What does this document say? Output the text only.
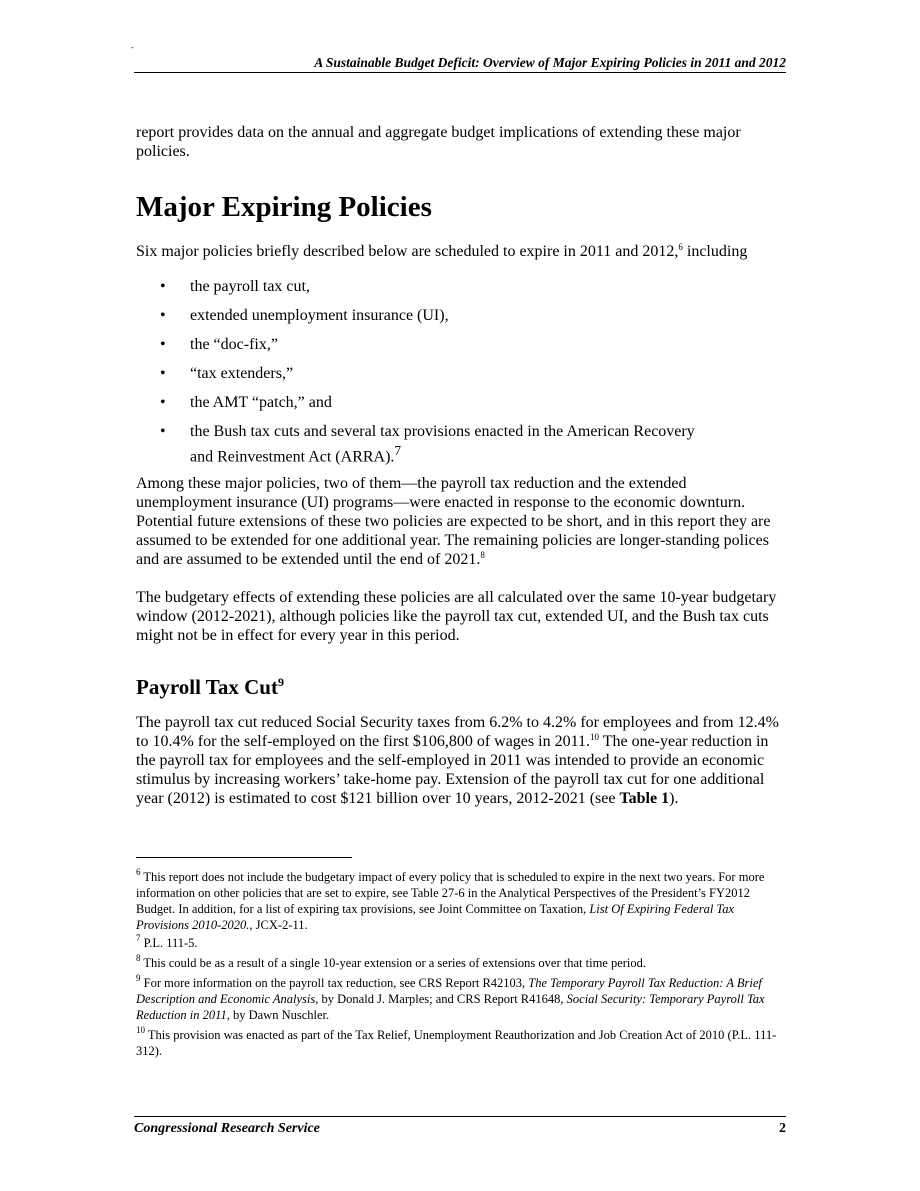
-
A Sustainable Budget Deficit: Overview of Major Expiring Policies in 2011 and 2012

report provides data on the annual and aggregate budget implications of extending these major policies.

Major Expiring Policies

Six major policies briefly described below are scheduled to expire in 2011 and 2012,$^6$ including

• the payroll tax cut,
• extended unemployment insurance (UI),
• the “doc-fix,”
• “tax extenders,”
• the AMT “patch,” and
• the Bush tax cuts and several tax provisions enacted in the American Recovery
and Reinvestment Act (ARRA).$^7$

Among these major policies, two of them—the payroll tax reduction and the extended unemployment insurance (UI) programs—were enacted in response to the economic downturn. Potential future extensions of these two policies are expected to be short, and in this report they are assumed to be extended for one additional year. The remaining policies are longer-standing polices and are assumed to be extended until the end of 2021.$^8$

The budgetary effects of extending these policies are all calculated over the same 10-year budgetary window (2012-2021), although policies like the payroll tax cut, extended UI, and the Bush tax cuts might not be in effect for every year in this period.

Payroll Tax Cut$^9$

The payroll tax cut reduced Social Security taxes from 6.2% to 4.2% for employees and from 12.4% to 10.4% for the self-employed on the first $106,800 of wages in 2011.10 The one-year reduction in the payroll tax for employees and the self-employed in 2011 was intended to provide an economic stimulus by increasing workers’ take-home pay. Extension of the payroll tax cut for one additional year (2012) is estimated to cost $121 billion over 10 years, 2012-2021 (see Table 1).

$^6$ This report does not include the budgetary impact of every policy that is scheduled to expire in the next two years. For more information on other policies that are set to expire, see Table 27-6 in the Analytical Perspectives of the President’s FY2012 Budget. In addition, for a list of expiring tax provisions, see Joint Committee on Taxation, List Of Expiring Federal Tax Provisions 2010-2020., JCX-2-11.

$^7$ P.L. 111-5.

$^8$ This could be as a result of a single 10-year extension or a series of extensions over that time period.

$^9$ For more information on the payroll tax reduction, see CRS Report R42103, The Temporary Payroll Tax Reduction: A Brief Description and Economic Analysis, by Donald J. Marples; and CRS Report R41648, Social Security: Temporary Payroll Tax Reduction in 2011, by Dawn Nuschler.

$^{10}$ This provision was enacted as part of the Tax Relief, Unemployment Reauthorization and Job Creation Act of 2010 (P.L. 111-312).

Congressional Research Service	2
